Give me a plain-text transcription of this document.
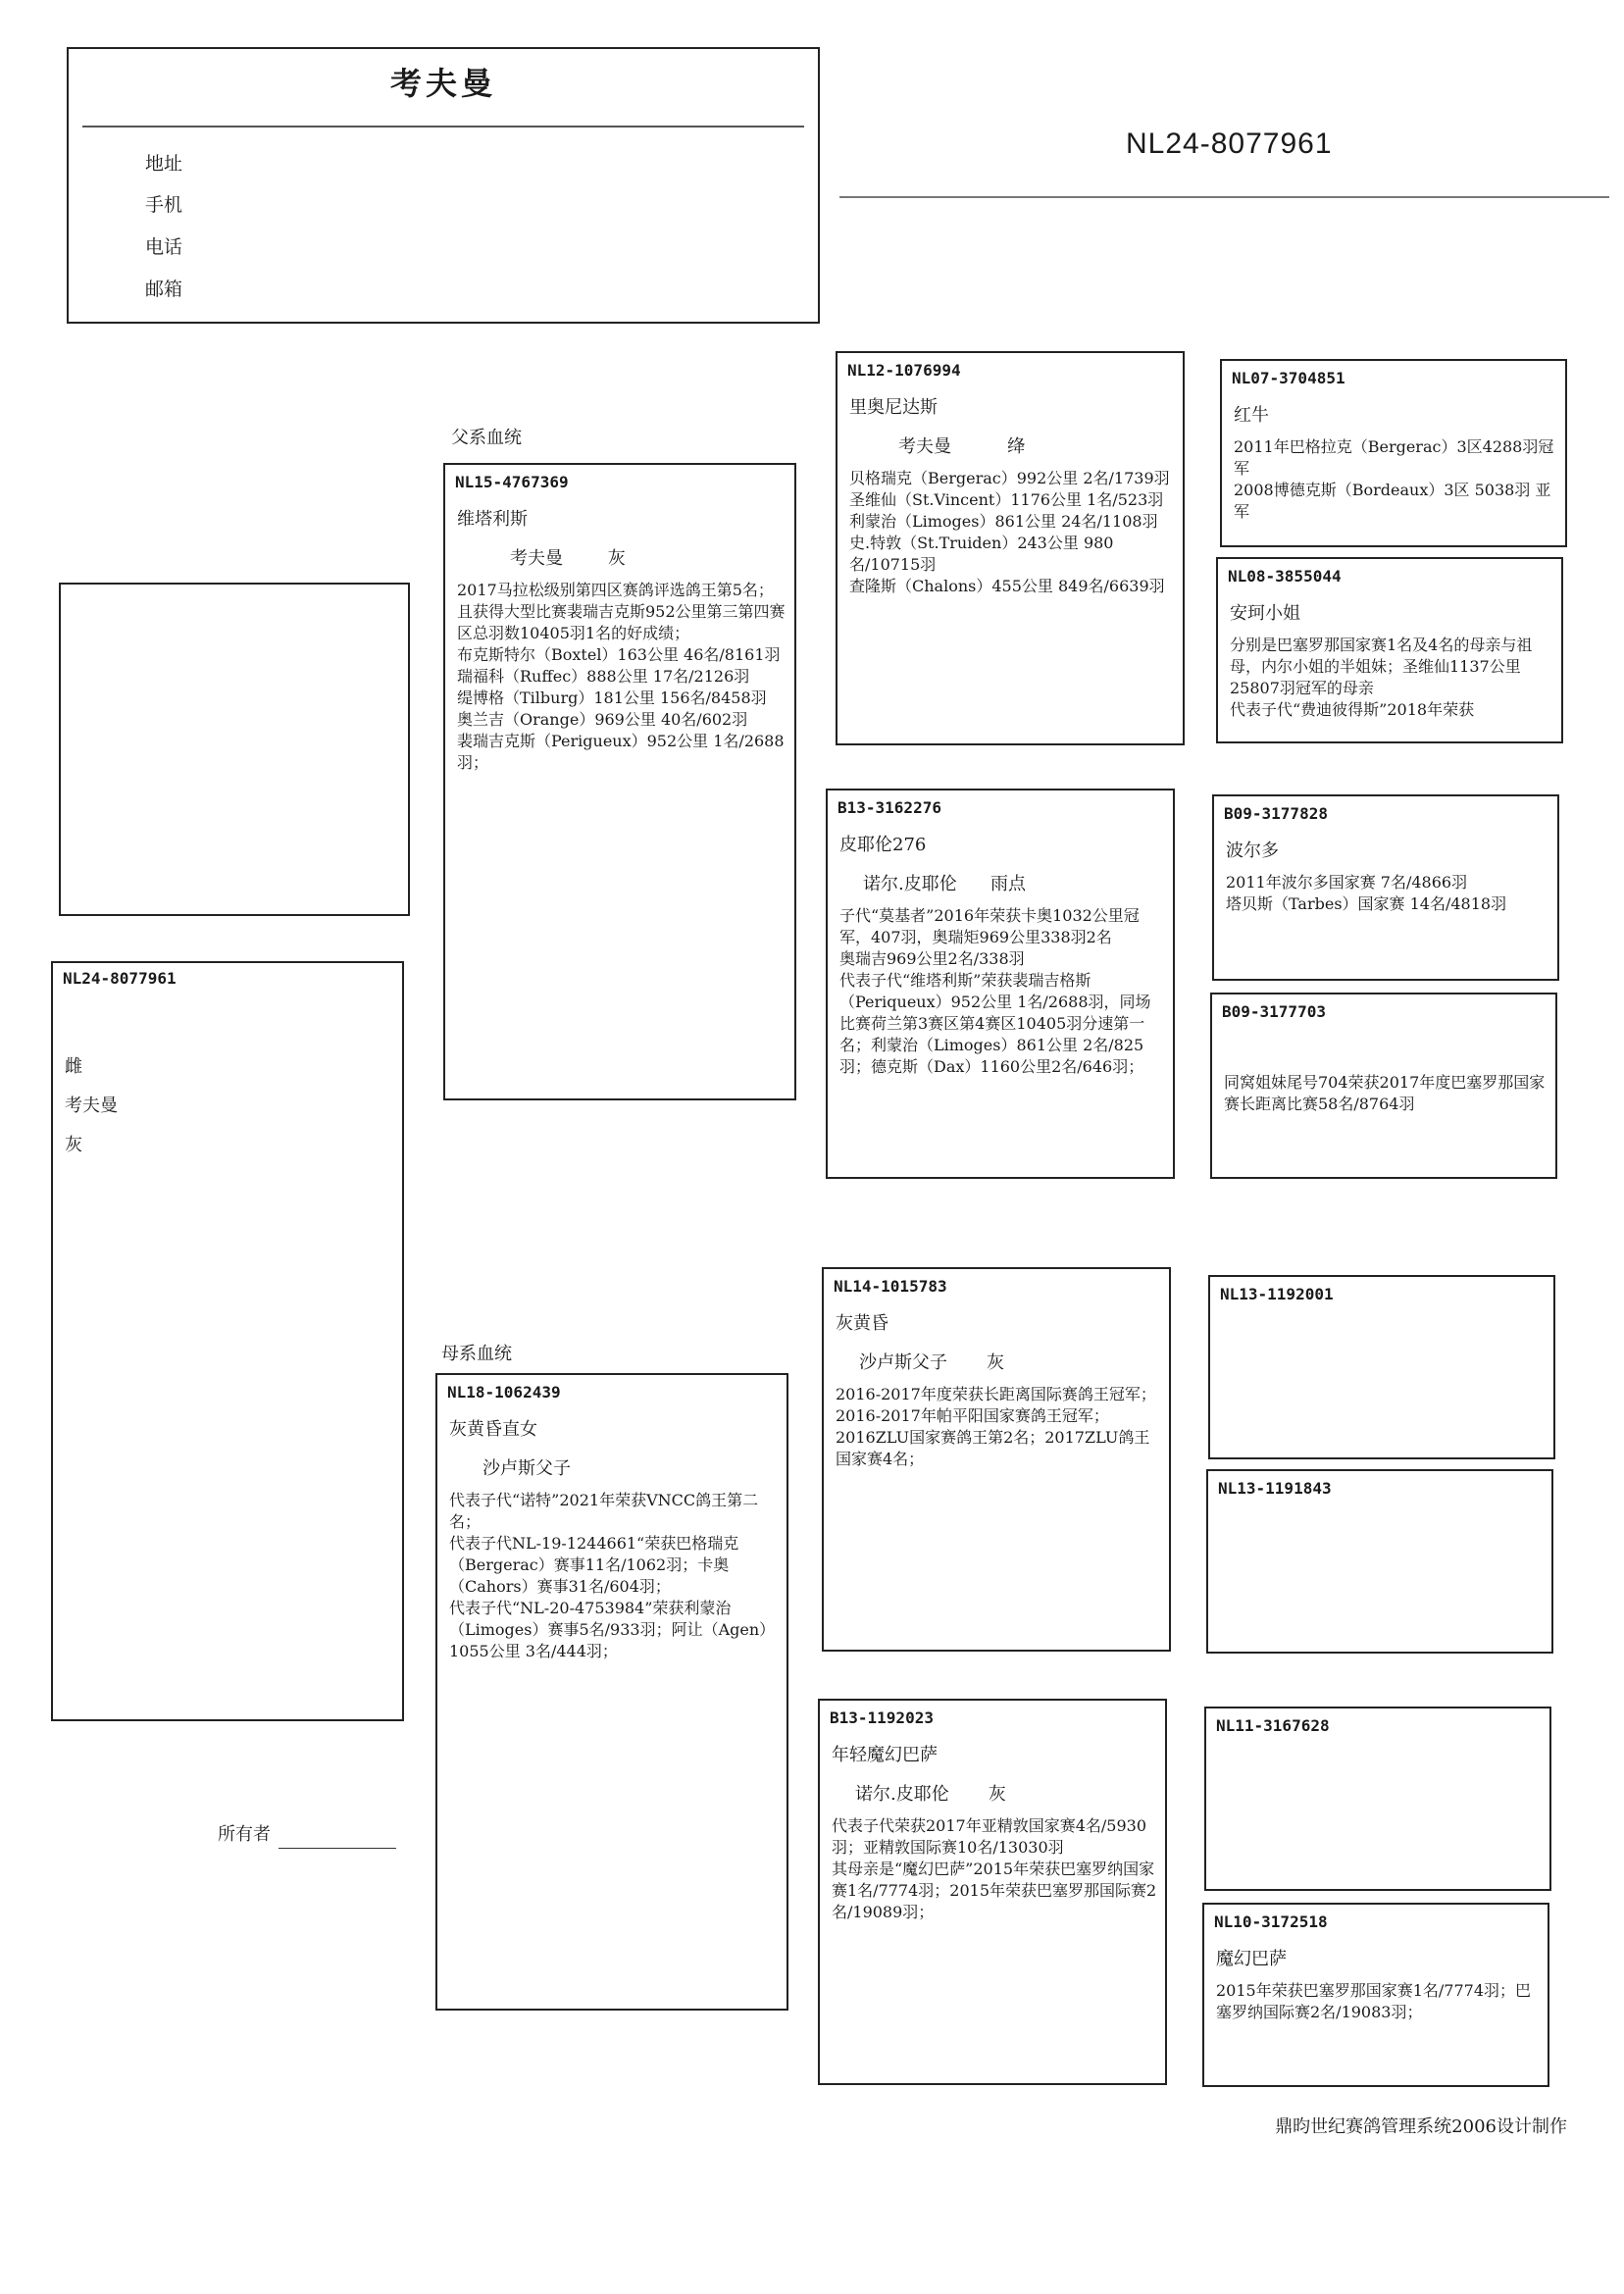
考夫曼
地址
手机
电话
邮箱
NL24-8077961
NL24-8077961
雌
考夫曼
灰
父系血统
母系血统
NL15-4767369
维塔利斯
考夫曼        灰
2017马拉松级别第四区赛鸽评选鸽王第5名；且获得大型比赛裴瑞吉克斯952公里第三第四赛区总羽数10405羽1名的好成绩；
布克斯特尔（Boxtel）163公里 46名/8161羽
瑞福科（Ruffec）888公里 17名/2126羽
缇博格（Tilburg）181公里 156名/8458羽
奥兰吉（Orange）969公里 40名/602羽
裴瑞吉克斯（Perigueux）952公里 1名/2688羽；
NL18-1062439
灰黄昏直女
沙卢斯父子
代表子代“诺特”2021年荣获VNCC鸽王第二名；
代表子代NL-19-1244661“荣获巴格瑞克（Bergerac）赛事11名/1062羽；卡奥（Cahors）赛事31名/604羽；
代表子代“NL-20-4753984”荣获利蒙治（Limoges）赛事5名/933羽；阿让（Agen）1055公里 3名/444羽；
NL12-1076994
里奥尼达斯
考夫曼          绛
贝格瑞克（Bergerac）992公里 2名/1739羽
圣维仙（St.Vincent）1176公里 1名/523羽
利蒙治（Limoges）861公里 24名/1108羽
史.特敦（St.Truiden）243公里 980名/10715羽
查隆斯（Chalons）455公里 849名/6639羽
B13-3162276
皮耶伦276
诺尔.皮耶伦      雨点
子代“莫基者”2016年荣获卡奥1032公里冠军，407羽，奥瑞矩969公里338羽2名
奥瑞吉969公里2名/338羽
代表子代“维塔利斯”荣获裴瑞吉格斯（Periqueux）952公里 1名/2688羽，同场比赛荷兰第3赛区第4赛区10405羽分速第一名；利蒙治（Limoges）861公里 2名/825羽；德克斯（Dax）1160公里2名/646羽；
NL14-1015783
灰黄昏
沙卢斯父子       灰
2016-2017年度荣获长距离国际赛鸽王冠军；
2016-2017年帕平阳国家赛鸽王冠军；
2016ZLU国家赛鸽王第2名；2017ZLU鸽王国家赛4名；
B13-1192023
年轻魔幻巴萨
诺尔.皮耶伦       灰
代表子代荣获2017年亚精敦国家赛4名/5930羽；亚精敦国际赛10名/13030羽
其母亲是“魔幻巴萨”2015年荣获巴塞罗纳国家赛1名/7774羽；2015年荣获巴塞罗那国际赛2名/19089羽；
NL07-3704851
红牛
2011年巴格拉克（Bergerac）3区4288羽冠军
2008博德克斯（Bordeaux）3区 5038羽 亚军
NL08-3855044
安珂小姐
分别是巴塞罗那国家赛1名及4名的母亲与祖母，内尔小姐的半姐妹；圣维仙1137公里25807羽冠军的母亲
代表子代“费迪彼得斯”2018年荣获
B09-3177828
波尔多
2011年波尔多国家赛 7名/4866羽
塔贝斯（Tarbes）国家赛 14名/4818羽
B09-3177703
同窝姐妹尾号704荣获2017年度巴塞罗那国家赛长距离比赛58名/8764羽
NL13-1192001
NL13-1191843
NL11-3167628
NL10-3172518
魔幻巴萨
2015年荣获巴塞罗那国家赛1名/7774羽；巴塞罗纳国际赛2名/19083羽；
所有者
鼎昀世纪赛鸽管理系统2006设计制作
